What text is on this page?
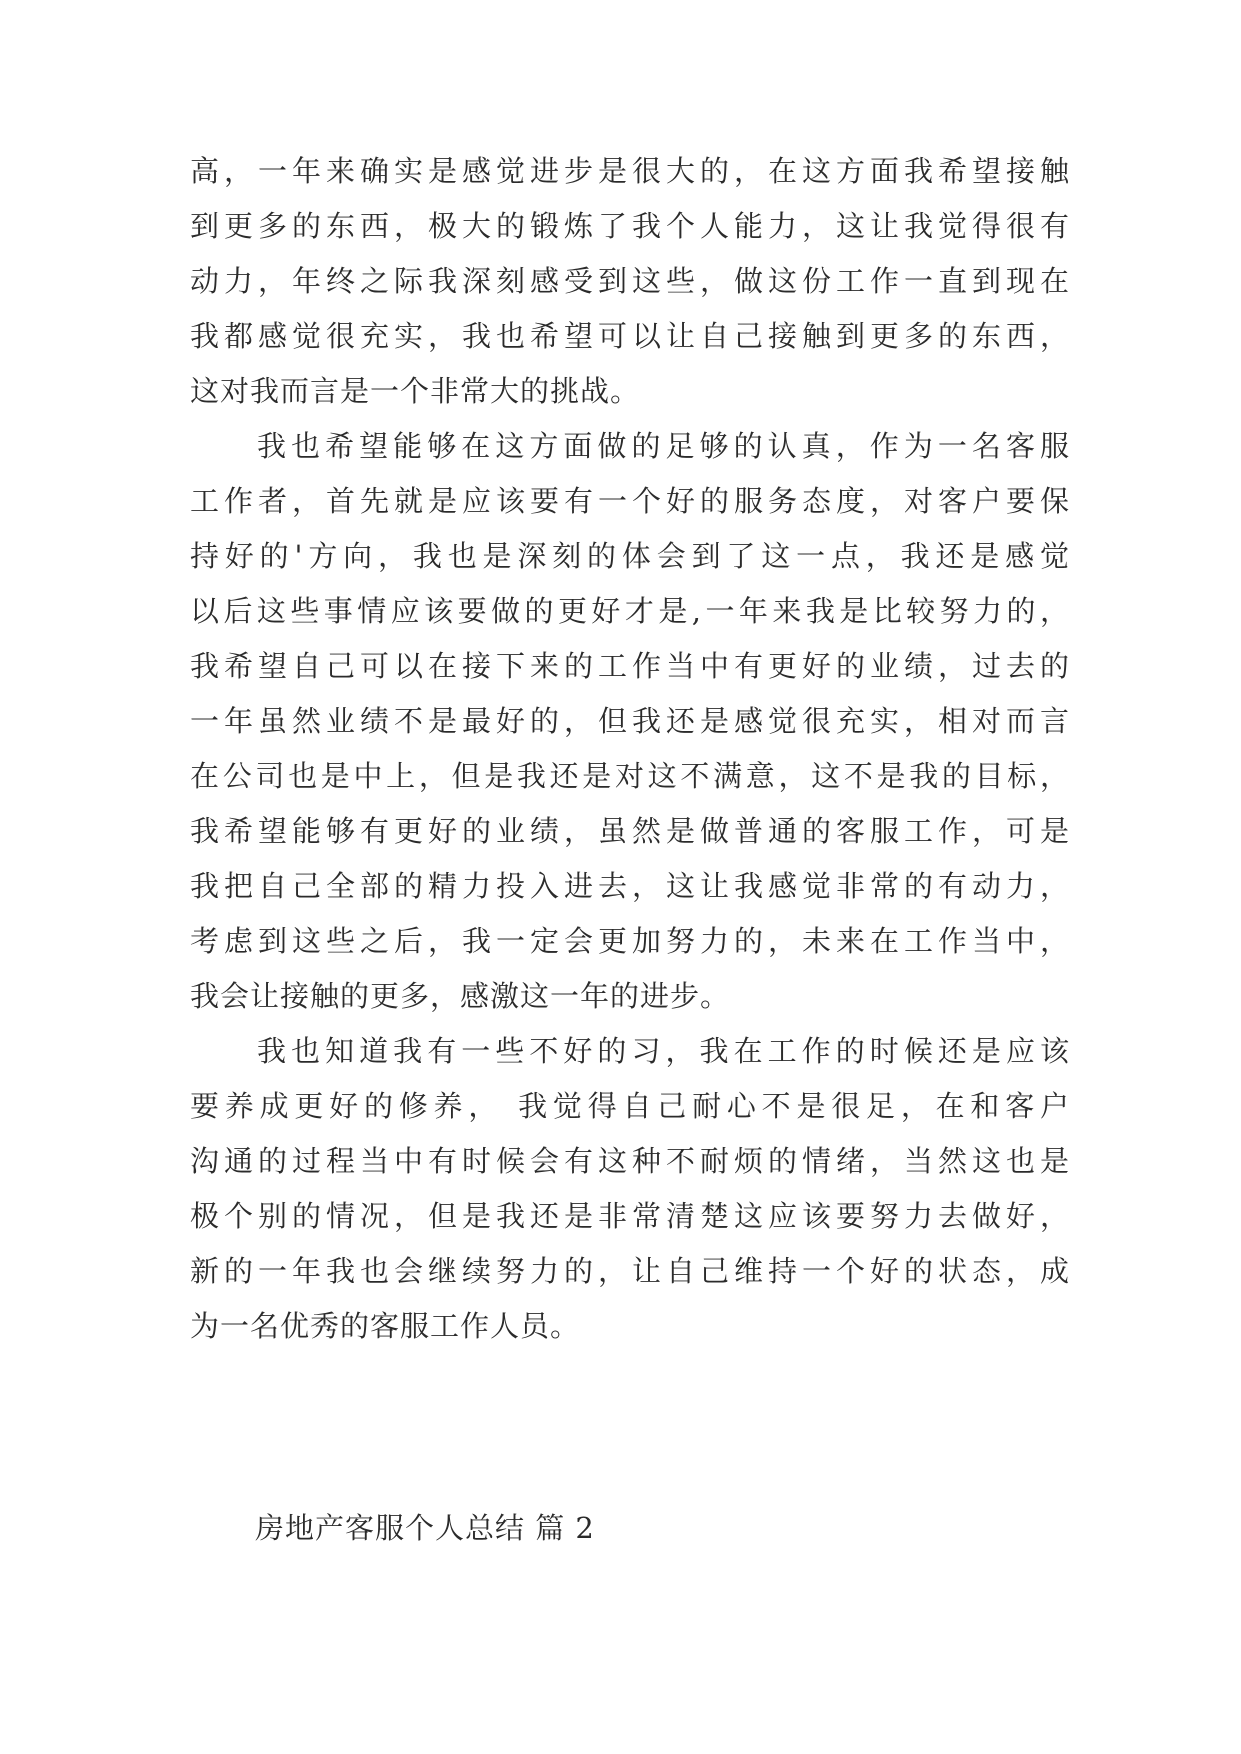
高，一年来确实是感觉进步是很大的，在这方面我希望接触
到更多的东西，极大的锻炼了我个人能力，这让我觉得很有
动力，年终之际我深刻感受到这些，做这份工作一直到现在
我都感觉很充实，我也希望可以让自己接触到更多的东西，
这对我而言是一个非常大的挑战。
我也希望能够在这方面做的足够的认真，作为一名客服
工作者，首先就是应该要有一个好的服务态度，对客户要保
持好的'方向，我也是深刻的体会到了这一点，我还是感觉
以后这些事情应该要做的更好才是,一年来我是比较努力的，
我希望自己可以在接下来的工作当中有更好的业绩，过去的
一年虽然业绩不是最好的，但我还是感觉很充实，相对而言
在公司也是中上，但是我还是对这不满意，这不是我的目标，
我希望能够有更好的业绩，虽然是做普通的客服工作，可是
我把自己全部的精力投入进去，这让我感觉非常的有动力，
考虑到这些之后，我一定会更加努力的，未来在工作当中，
我会让接触的更多，感激这一年的进步。
我也知道我有一些不好的习，我在工作的时候还是应该
要养成更好的修养， 我觉得自己耐心不是很足，在和客户
沟通的过程当中有时候会有这种不耐烦的情绪，当然这也是
极个别的情况，但是我还是非常清楚这应该要努力去做好，
新的一年我也会继续努力的，让自己维持一个好的状态，成
为一名优秀的客服工作人员。
房地产客服个人总结 篇 2
